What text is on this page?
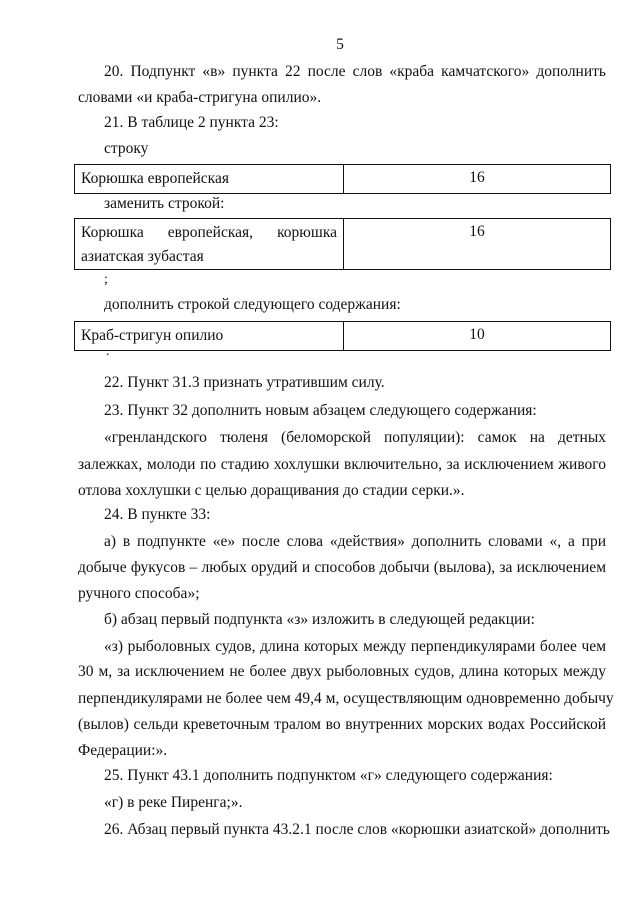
5
20. Подпункт «в» пункта 22 после слов «краба камчатского» дополнить
словами «и краба-стригуна опилио».
21. В таблице 2 пункта 23:
строку
Корюшка европейская	16
заменить строкой:
Корюшка европейская, корюшка
азиатская зубастая
16
;
дополнить строкой следующего содержания:
Краб-стригун опилио	10
.
22. Пункт 31.3 признать утратившим силу.
23. Пункт 32 дополнить новым абзацем следующего содержания:
«гренландского тюленя (беломорской популяции): самок на детных
залежках, молоди по стадию хохлушки включительно, за исключением живого
отлова хохлушки с целью доращивания до стадии серки.».
24. В пункте 33:
а) в подпункте «е» после слова «действия» дополнить словами «, а при
добыче фукусов – любых орудий и способов добычи (вылова), за исключением
ручного способа»;
б) абзац первый подпункта «з» изложить в следующей редакции:
«з) рыболовных судов, длина которых между перпендикулярами более чем
30 м, за исключением не более двух рыболовных судов, длина которых между
перпендикулярами не более чем 49,4 м, осуществляющим одновременно добычу
(вылов) сельди креветочным тралом во внутренних морских водах Российской
Федерации:».
25. Пункт 43.1 дополнить подпунктом «г» следующего содержания:
«г) в реке Пиренга;».
26. Абзац первый пункта 43.2.1 после слов «корюшки азиатской» дополнить
